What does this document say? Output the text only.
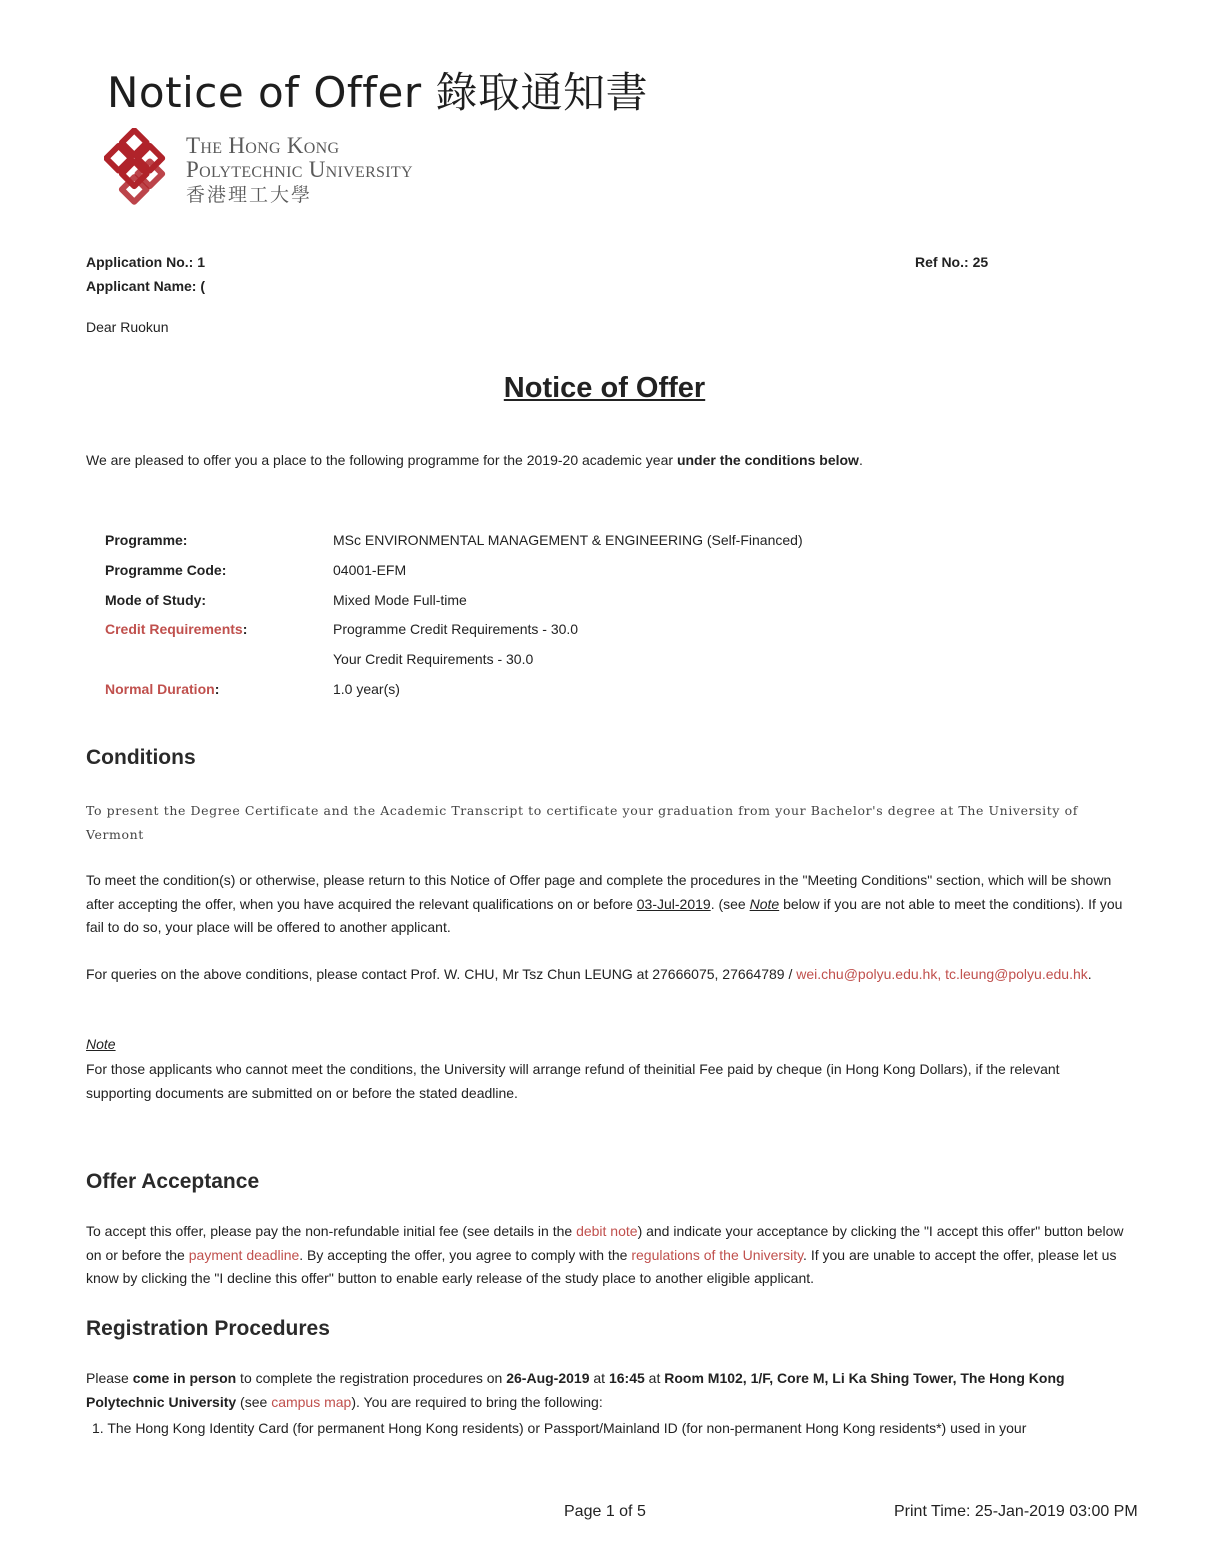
Notice of Offer 錄取通知書
The Hong Kong
Polytechnic University
香港理工大學
Application No.: 1
Applicant Name: (
Ref No.: 25
Dear Ruokun
Notice of Offer
We are pleased to offer you a place to the following programme for the 2019-20 academic year under the conditions below.
Programme:	MSc ENVIRONMENTAL MANAGEMENT & ENGINEERING (Self-Financed)
Programme Code:	04001-EFM
Mode of Study:	Mixed Mode Full-time
Credit Requirements:	Programme Credit Requirements - 30.0
Your Credit Requirements - 30.0
Normal Duration:	1.0 year(s)
Conditions
To present the Degree Certificate and the Academic Transcript to certificate your graduation from your Bachelor's degree at The University of Vermont
To meet the condition(s) or otherwise, please return to this Notice of Offer page and complete the procedures in the "Meeting Conditions" section, which will be shown after accepting the offer, when you have acquired the relevant qualifications on or before 03-Jul-2019. (see Note below if you are not able to meet the conditions). If you fail to do so, your place will be offered to another applicant.
For queries on the above conditions, please contact Prof. W. CHU, Mr Tsz Chun LEUNG at 27666075, 27664789 / wei.chu@polyu.edu.hk, tc.leung@polyu.edu.hk.
Note
For those applicants who cannot meet the conditions, the University will arrange refund of theinitial Fee paid by cheque (in Hong Kong Dollars), if the relevant supporting documents are submitted on or before the stated deadline.
Offer Acceptance
To accept this offer, please pay the non-refundable initial fee (see details in the debit note) and indicate your acceptance by clicking the "I accept this offer" button below on or before the payment deadline. By accepting the offer, you agree to comply with the regulations of the University. If you are unable to accept the offer, please let us know by clicking the "I decline this offer" button to enable early release of the study place to another eligible applicant.
Registration Procedures
Please come in person to complete the registration procedures on 26-Aug-2019 at 16:45 at Room M102, 1/F, Core M, Li Ka Shing Tower, The Hong Kong Polytechnic University (see campus map). You are required to bring the following:
1. The Hong Kong Identity Card (for permanent Hong Kong residents) or Passport/Mainland ID (for non-permanent Hong Kong residents*) used in your
Page 1 of 5	Print Time: 25-Jan-2019 03:00 PM
